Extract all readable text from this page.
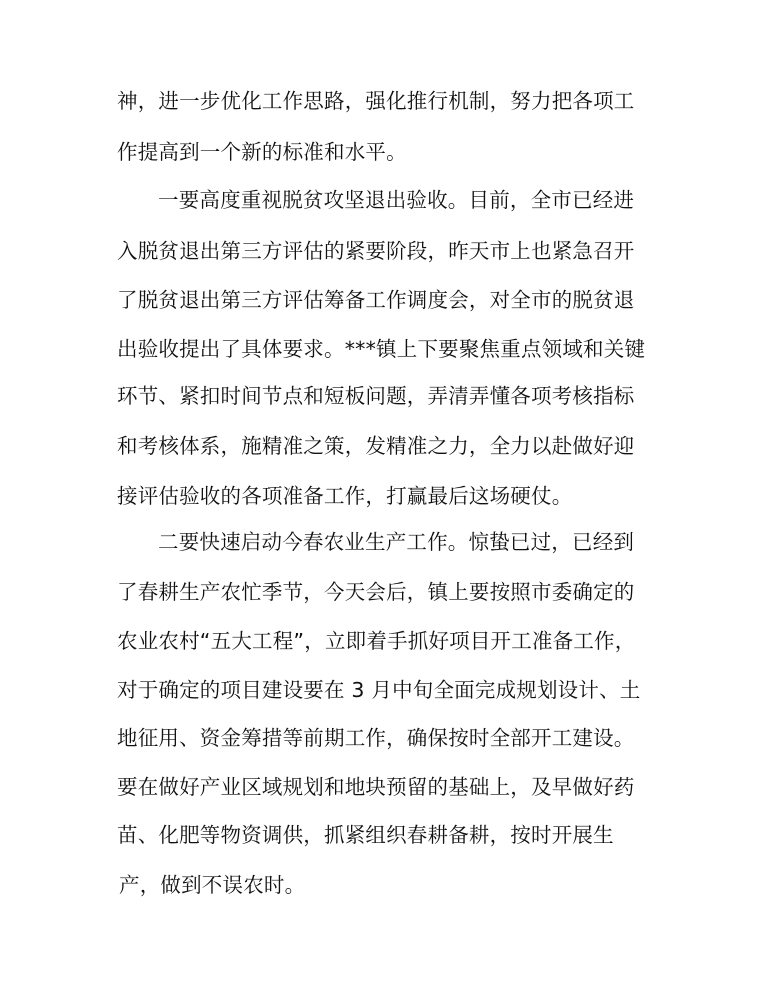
神，进一步优化工作思路，强化推行机制，努力把各项工
作提高到一个新的标准和水平。
一要高度重视脱贫攻坚退出验收。目前，全市已经进
入脱贫退出第三方评估的紧要阶段，昨天市上也紧急召开
了脱贫退出第三方评估筹备工作调度会，对全市的脱贫退
出验收提出了具体要求。***镇上下要聚焦重点领域和关键
环节、紧扣时间节点和短板问题，弄清弄懂各项考核指标
和考核体系，施精准之策，发精准之力，全力以赴做好迎
接评估验收的各项准备工作，打赢最后这场硬仗。
二要快速启动今春农业生产工作。惊蛰已过，已经到
了春耕生产农忙季节，今天会后，镇上要按照市委确定的
农业农村“五大工程”，立即着手抓好项目开工准备工作，
对于确定的项目建设要在 3 月中旬全面完成规划设计、土
地征用、资金筹措等前期工作，确保按时全部开工建设。
要在做好产业区域规划和地块预留的基础上，及早做好药
苗、化肥等物资调供，抓紧组织春耕备耕，按时开展生
产，做到不误农时。
